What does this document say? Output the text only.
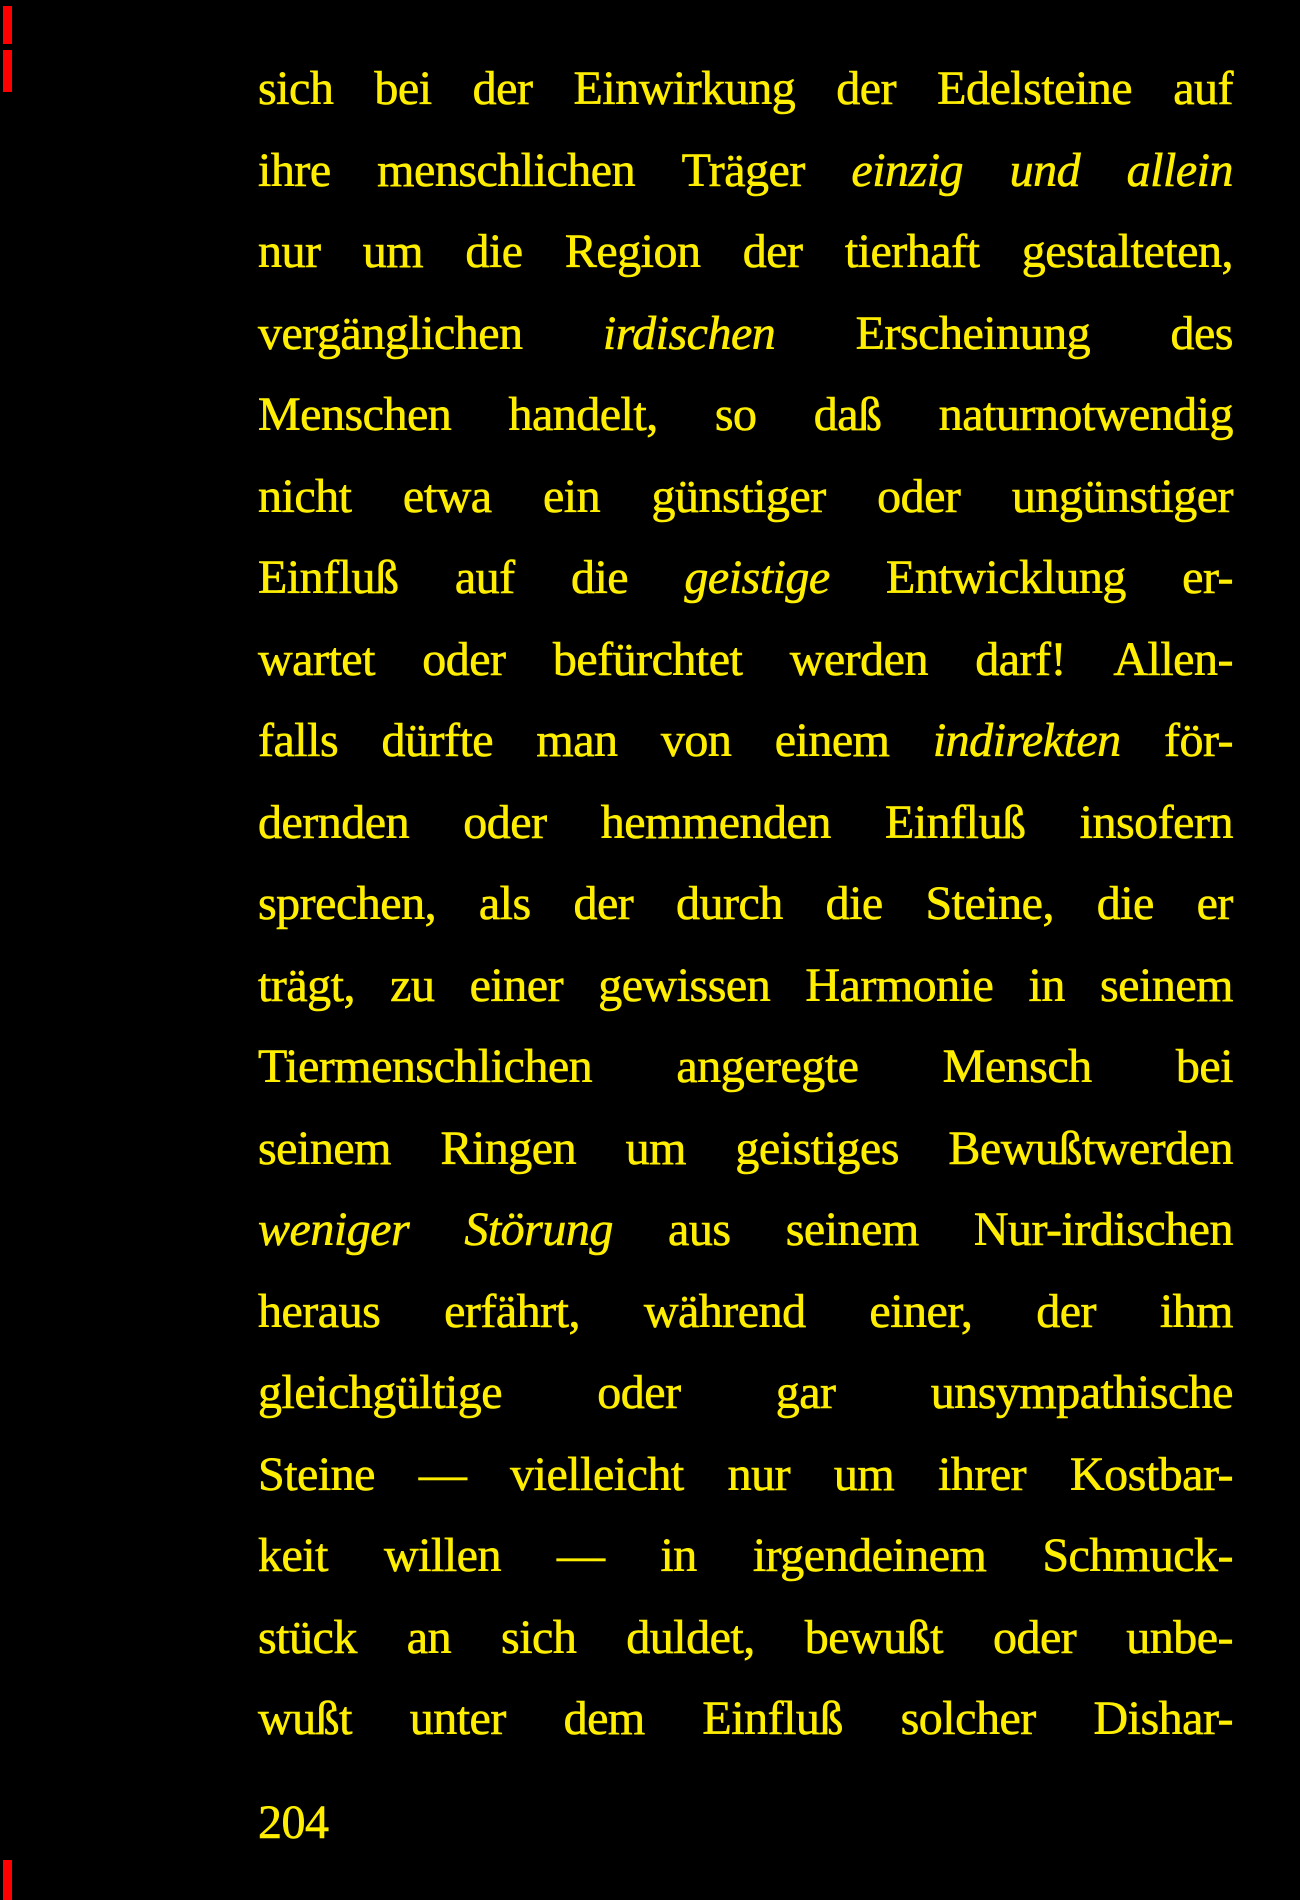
sich bei der Einwirkung der Edelsteine auf
ihre menschlichen Träger einzig und allein
nur um die Region der tierhaft gestalteten,
vergänglichen irdischen Erscheinung des
Menschen handelt, so daß naturnotwendig
nicht etwa ein günstiger oder ungünstiger
Einfluß auf die geistige Entwicklung er-
wartet oder befürchtet werden darf! Allen-
falls dürfte man von einem indirekten för-
dernden oder hemmenden Einfluß insofern
sprechen, als der durch die Steine, die er
trägt, zu einer gewissen Harmonie in seinem
Tiermenschlichen angeregte Mensch bei
seinem Ringen um geistiges Bewußtwerden
weniger Störung aus seinem Nur-irdischen
heraus erfährt, während einer, der ihm
gleichgültige oder gar unsympathische
Steine — vielleicht nur um ihrer Kostbar-
keit willen — in irgendeinem Schmuck-
stück an sich duldet, bewußt oder unbe-
wußt unter dem Einfluß solcher Dishar-
204
